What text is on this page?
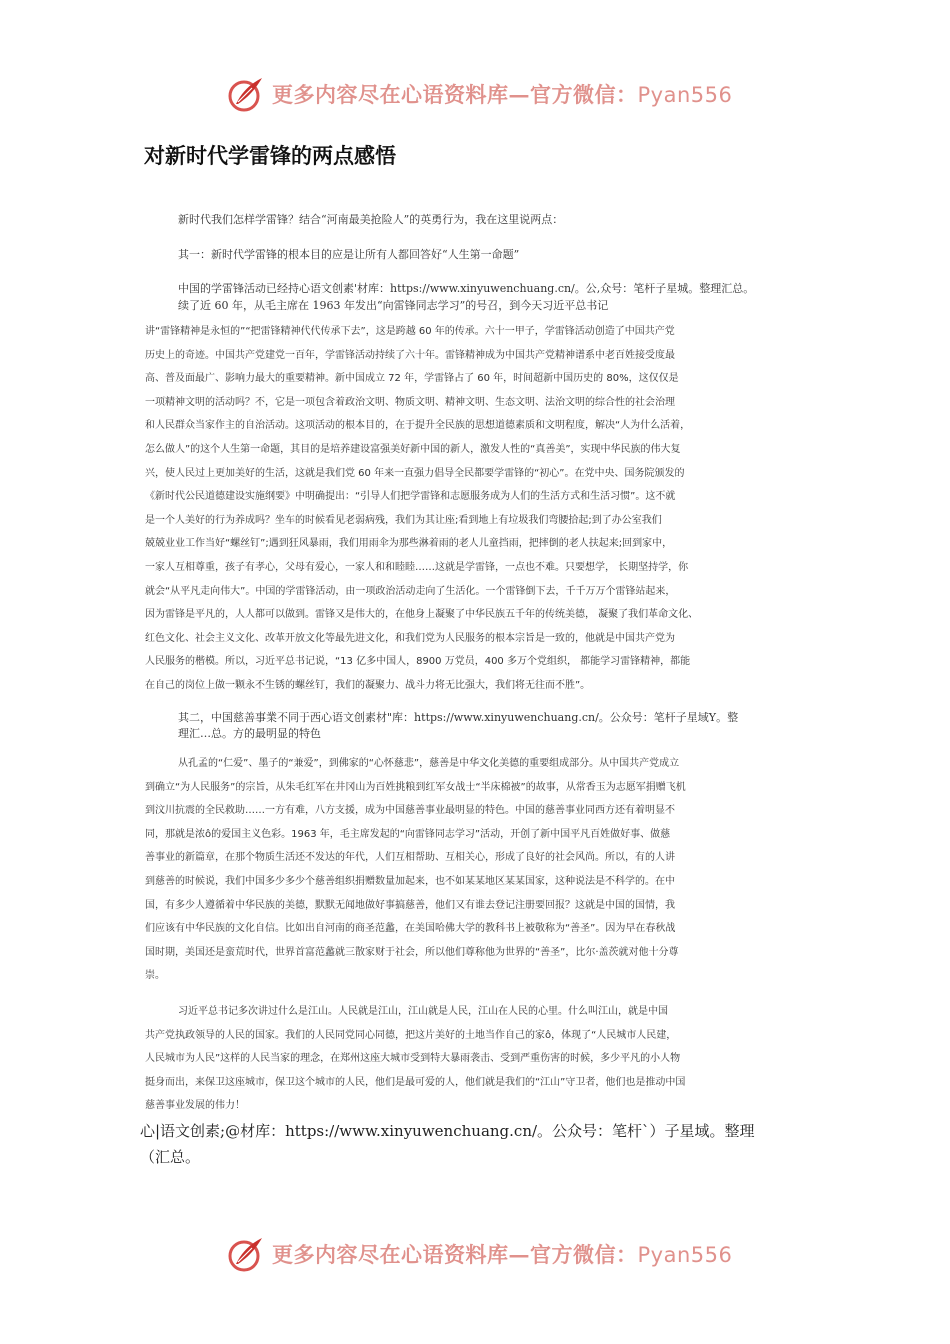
更多内容尽在心语资料库—官方微信：Pyan556
对新时代学雷锋的两点感悟

新时代我们怎样学雷锋？结合“河南最美抢险人”的英勇行为，我在这里说两点：

其一：新时代学雷锋的根本目的应是让所有人都回答好“人生第一命题”

中国的学雷锋活动已经持心语文创素'材库：https://www.xinyuwenchuang.cn/。公,众号：笔杆子星城。整理汇总。
续了近 60 年，从毛主席在 1963 年发出“向雷锋同志学习”的号召，到今天习近平总书记
讲“雷锋精神是永恒的”“把雷锋精神代代传承下去”，这是跨越 60 年的传承。六十一甲子，学雷锋活动创造了中国共产党
历史上的奇迹。中国共产党建党一百年，学雷锋活动持续了六十年。雷锋精神成为中国共产党精神谱系中老百姓接受度最
高、普及面最广、影响力最大的重要精神。新中国成立 72 年，学雷锋占了 60 年，时间超新中国历史的 80%，这仅仅是
一项精神文明的活动吗？不，它是一项包含着政治文明、物质文明、精神文明、生态文明、法治文明的综合性的社会治理
和人民群众当家作主的自治活动。这项活动的根本目的，在于提升全民族的思想道德素质和文明程度，解决“人为什么活着，
怎么做人”的这个人生第一命题，其目的是培养建设富强美好新中国的新人，激发人性的“真善美”，实现中华民族的伟大复
兴，使人民过上更加美好的生活，这就是我们党 60 年来一直强力倡导全民都要学雷锋的“初心”。在党中央、国务院颁发的
《新时代公民道德建设实施纲要》中明确提出：“引导人们把学雷锋和志愿服务成为人们的生活方式和生活习惯”。这不就
是一个人美好的行为养成吗？坐车的时候看见老弱病残，我们为其让座;看到地上有垃圾我们弯腰拾起;到了办公室我们
兢兢业业工作当好“螺丝钉”;遇到狂风暴雨，我们用雨伞为那些淋着雨的老人儿童挡雨，把摔倒的老人扶起来;回到家中，
一家人互相尊重，孩子有孝心，父母有爱心，一家人和和睦睦……这就是学雷锋，一点也不难。只要想学， 长期坚持学，你
就会“从平凡走向伟大”。中国的学雷锋活动，由一项政治活动走向了生活化。一个雷锋倒下去，千千万万个雷锋站起来，
因为雷锋是平凡的，人人都可以做到。雷锋又是伟大的，在他身上凝聚了中华民族五千年的传统美德， 凝聚了我们革命文化、
红色文化、社会主义文化、改革开放文化等最先进文化，和我们党为人民服务的根本宗旨是一致的，他就是中国共产党为
人民服务的楷模。所以，习近平总书记说，“13 亿多中国人，8900 万党员，400 多万个党组织， 都能学习雷锋精神，都能
在自己的岗位上做一颗永不生锈的螺丝钉，我们的凝聚力、战斗力将无比强大，我们将无往而不胜”。
其二，中国慈善事業不同于西心语文创素材"库：https://www.xinyuwenchuang.cn/。公众号：笔杆子星域Y。整
理汇…总。方的最明显的特色
从孔孟的“仁爱”、墨子的“兼爱”，到佛家的“心怀慈悲”，慈善是中华文化美德的重要组成部分。从中国共产党成立
到确立“为人民服务”的宗旨，从朱毛红军在井冈山为百姓挑粮到红军女战士“半床棉被”的故事，从常香玉为志愿军捐赠飞机
到汶川抗震的全民救助……一方有难，八方支援，成为中国慈善事业最明显的特色。中国的慈善事业同西方还有着明显不
同，那就是浓ô的爱国主义色彩。1963 年，毛主席发起的“向雷锋同志学习”活动，开创了新中国平凡百姓做好事、做慈
善事业的新篇章，在那个物质生活还不发达的年代，人们互相帮助、互相关心，形成了良好的社会风尚。所以，有的人讲
到慈善的时候说，我们中国多少多少个慈善组织捐赠数量加起来，也不如某某地区某某国家，这种说法是不科学的。在中
国，有多少人遵循着中华民族的美德，默默无闻地做好事搞慈善，他们又有谁去登记注册要回报？这就是中国的国情，我
们应该有中华民族的文化自信。比如出自河南的商圣范蠡，在美国哈佛大学的教科书上被敬称为“善圣”。因为早在春秋战
国时期，美国还是蛮荒时代，世界首富范蠡就三散家财于社会，所以他们尊称他为世界的“善圣”，比尔·盖茨就对他十分尊
崇。
习近平总书记多次讲过什么是江山。人民就是江山，江山就是人民，江山在人民的心里。什么叫江山，就是中国
共产党执政领导的人民的国家。我们的人民同党同心同德，把这片美好的土地当作自己的家ô，体现了“人民城市人民建，
人民城市为人民”这样的人民当家的理念，在郑州这座大城市受到特大暴雨袭击、受到严重伤害的时候，多少平凡的小人物
挺身而出，来保卫这座城市，保卫这个城市的人民，他们是最可爱的人，他们就是我们的“江山”守卫者，他们也是推动中国
慈善事业发展的伟力！
心|语文创素;@材库：https://www.xinyuwenchuang.cn/。公众号：笔杆`）子星域。整理
（汇总。
更多内容尽在心语资料库—官方微信：Pyan556
